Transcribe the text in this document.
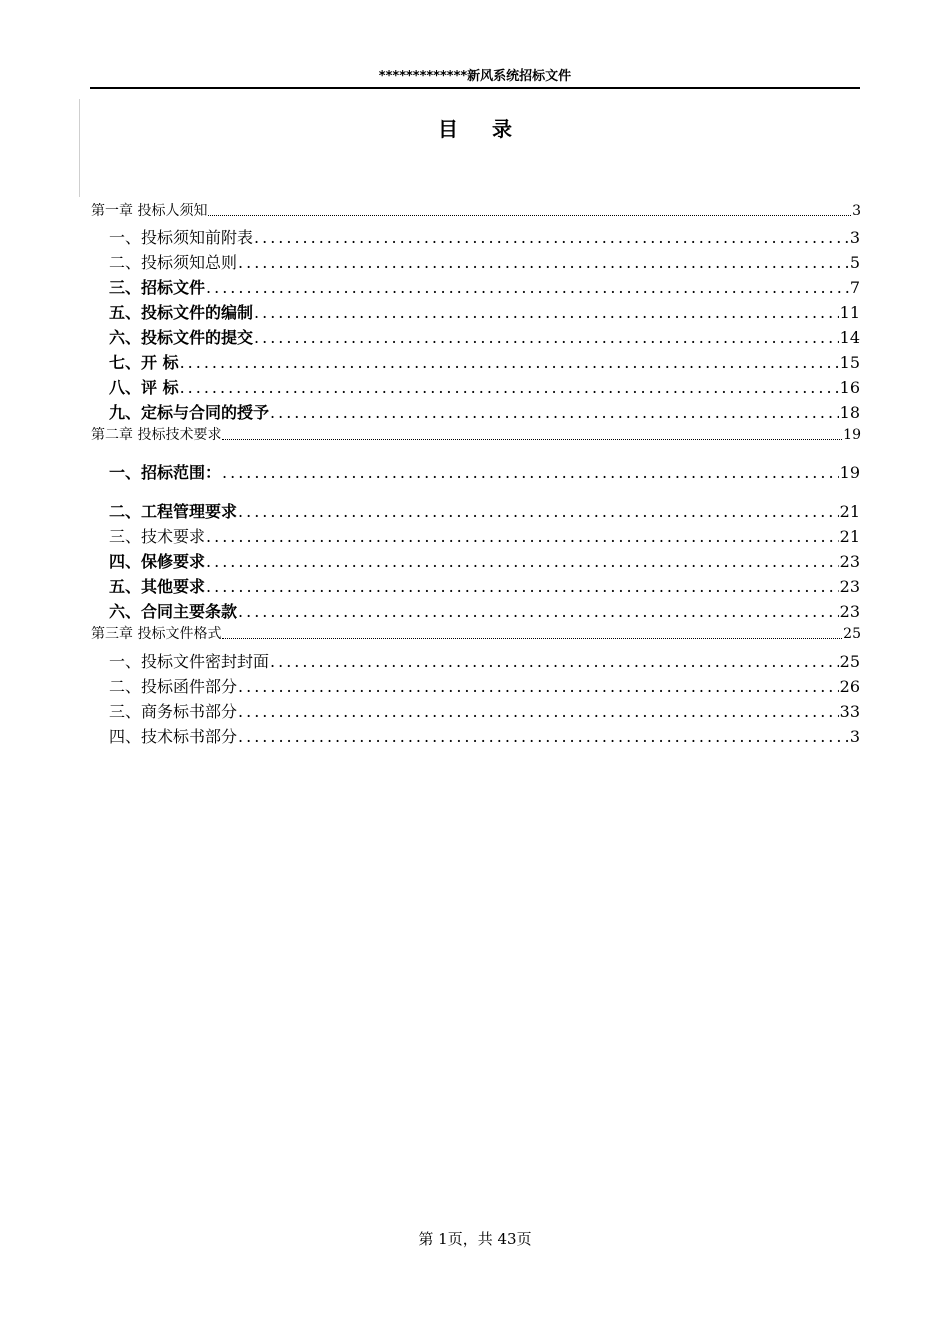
*************新风系统招标文件
目录
第一章 投标人须知	3
一、投标须知前附表 .....	3
二、投标须知总则 .....	5
三、招标文件 .....	7
五、投标文件的编制 .....	11
六、投标文件的提交 .....	14
七、开 标 .....	15
八、评 标 .....	16
九、定标与合同的授予 .....	18
第二章 投标技术要求	19
一、招标范围： .....	19
二、工程管理要求 .....	21
三、技术要求 .....	21
四、保修要求 .....	23
五、其他要求 .....	23
六、合同主要条款 .....	23
第三章 投标文件格式	25
一、投标文件密封封面 .....	25
二、投标函件部分 .....	26
三、商务标书部分 .....	33
四、技术标书部分 .....	3
第 1页，共 43页
